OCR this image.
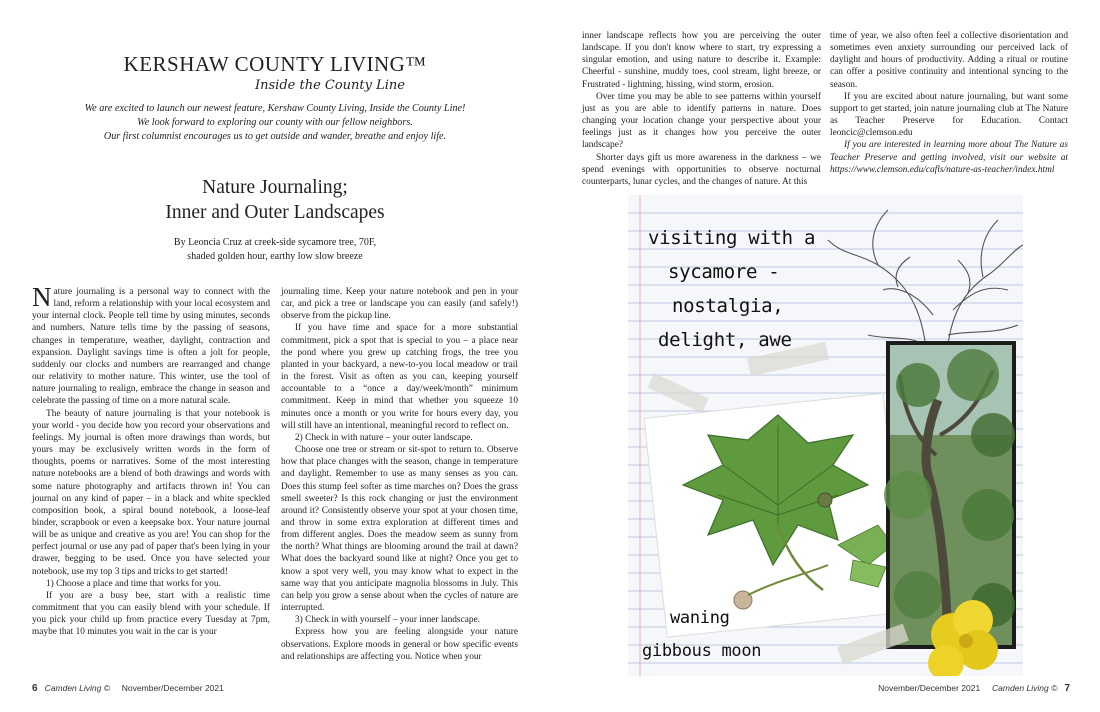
KERSHAW COUNTY LIVING™
Inside the County Line
We are excited to launch our newest feature, Kershaw County Living, Inside the County Line!
We look forward to exploring our county with our fellow neighbors.
Our first columnist encourages us to get outside and wander, breathe and enjoy life.
Nature Journaling;
Inner and Outer Landscapes
By Leoncia Cruz at creek-side sycamore tree, 70F,
shaded golden hour, earthy low slow breeze

Nature journaling is a personal way to connect with the land, reform a relationship with your local ecosystem and your internal clock. People tell time by using minutes, seconds and numbers. Nature tells time by the passing of seasons, changes in temperature, weather, daylight, contraction and expansion. Daylight savings time is often a jolt for people, suddenly our clocks and numbers are rearranged and change our relativity to mother nature. This winter, use the tool of nature journaling to realign, embrace the change in season and celebrate the passing of time on a more natural scale.

The beauty of nature journaling is that your notebook is your world - you decide how you record your observations and feelings. My journal is often more drawings than words, but yours may be exclusively written words in the form of thoughts, poems or narratives. Some of the most interesting nature notebooks are a blend of both drawings and words with some nature photography and artifacts thrown in! You can journal on any kind of paper – in a black and white speckled composition book, a spiral bound notebook, a loose-leaf binder, scrapbook or even a keepsake box. Your nature journal will be as unique and creative as you are! You can shop for the perfect journal or use any pad of paper that's been lying in your drawer, begging to be used. Once you have selected your notebook, use my top 3 tips and tricks to get started!

1) Choose a place and time that works for you.

If you are a busy bee, start with a realistic time commitment that you can easily blend with your schedule. If you pick your child up from practice every Tuesday at 7pm, maybe that 10 minutes you wait in the car is your

journaling time. Keep your nature notebook and pen in your car, and pick a tree or landscape you can easily (and safely!) observe from the pickup line.

If you have time and space for a more substantial commitment, pick a spot that is special to you – a place near the pond where you grew up catching frogs, the tree you planted in your backyard, a new-to-you local meadow or trail in the forest. Visit as often as you can, keeping yourself accountable to a “once a day/week/month” minimum commitment. Keep in mind that whether you squeeze 10 minutes once a month or you write for hours every day, you will still have an intentional, meaningful record to reflect on.

2) Check in with nature – your outer landscape.

Choose one tree or stream or sit-spot to return to. Observe how that place changes with the season, change in temperature and daylight. Remember to use as many senses as you can. Does this stump feel softer as time marches on? Does the grass smell sweeter? Is this rock changing or just the environment around it? Consistently observe your spot at your chosen time, and throw in some extra exploration at different times and from different angles. Does the meadow seem as sunny from the north? What things are blooming around the trail at dawn? What does the backyard sound like at night? Once you get to know a spot very well, you may know what to expect in the same way that you anticipate magnolia blossoms in July. This can help you grow a sense about when the cycles of nature are interrupted.

3) Check in with yourself – your inner landscape.

Express how you are feeling alongside your nature observations. Explore moods in general or how specific events and relationships are affecting you. Notice when your

6 Camden Living © November/December 2021

inner landscape reflects how you are perceiving the outer landscape. If you don't know where to start, try expressing a singular emotion, and using nature to describe it. Example: Cheerful - sunshine, muddy toes, cool stream, light breeze, or Frustrated - lightning, hissing, wind storm, erosion.

Over time you may be able to see patterns within yourself just as you are able to identify patterns in nature. Does changing your location change your perspective about your feelings just as it changes how you perceive the outer landscape?

Shorter days gift us more awareness in the darkness – we spend evenings with opportunities to observe nocturnal counterparts, lunar cycles, and the changes of nature. At this

time of year, we also often feel a collective disorientation and sometimes even anxiety surrounding our perceived lack of daylight and hours of productivity. Adding a ritual or routine can offer a positive continuity and intentional syncing to the season.

If you are excited about nature journaling, but want some support to get started, join nature journaling club at The Nature as Teacher Preserve for Education. Contact leoncic@clemson.edu

If you are interested in learning more about The Nature as Teacher Preserve and getting involved, visit our website at https://www.clemson.edu/cafls/nature-as-teacher/index.html

visiting with a
sycamore -
nostalgia,
delight, awe
waning
gibbous moon
November/December 2021 Camden Living © 7
